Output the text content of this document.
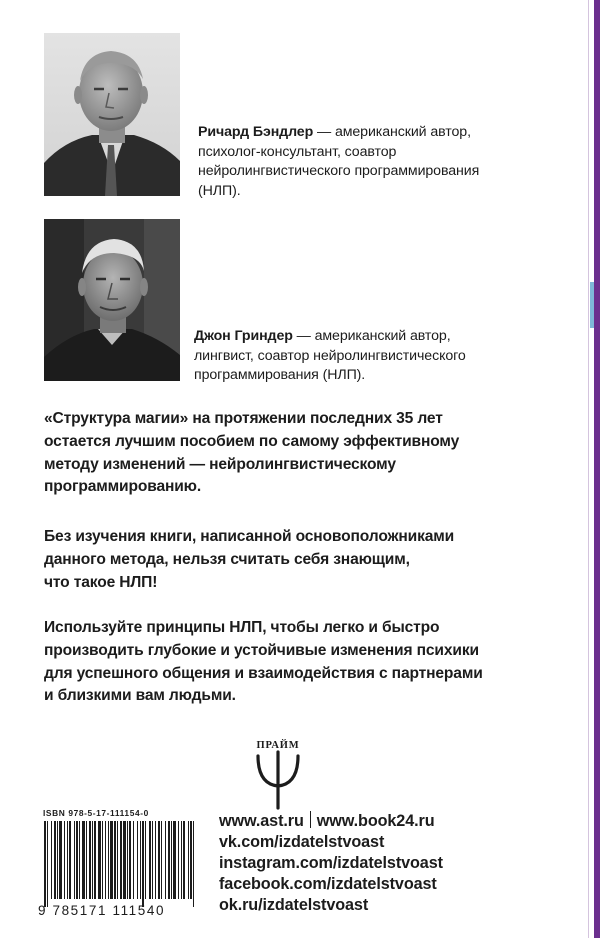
Ричард Бэндлер — американский автор,
психолог-консультант, соавтор
нейролингвистического программирования
(НЛП).
Джон Гриндер — американский автор,
лингвист, соавтор нейролингвистического
программирования (НЛП).
«Структура магии» на протяжении последних 35 лет
остается лучшим пособием по самому эффективному
методу изменений — нейролингвистическому
программированию.
Без изучения книги, написанной основоположниками
данного метода, нельзя считать себя знающим,
что такое НЛП!
Используйте принципы НЛП, чтобы легко и быстро
производить глубокие и устойчивые изменения психики
для успешного общения и взаимодействия с партнерами
и близкими вам людьми.
ПРАЙМ
ISBN 978-5-17-111154-0
9 785171 111540
www.ast.ru www.book24.ru
vk.com/izdatelstvoast
instagram.com/izdatelstvoast
facebook.com/izdatelstvoast
ok.ru/izdatelstvoast
